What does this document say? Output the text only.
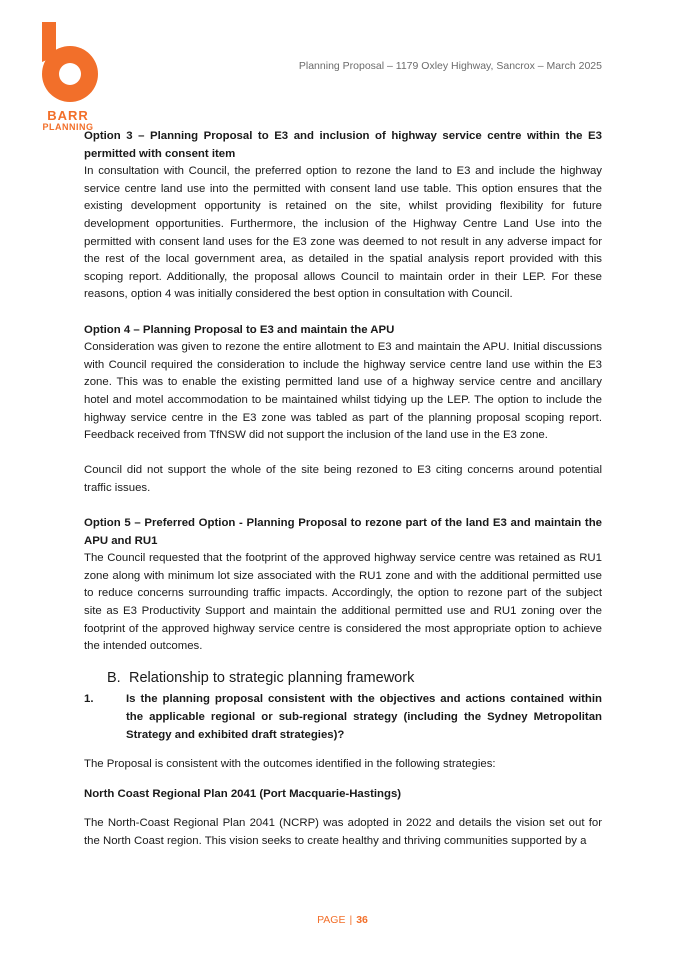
BARR
PLANNING
Planning Proposal – 1179 Oxley Highway, Sancrox – March 2025

Option 3 – Planning Proposal to E3 and inclusion of highway service centre within the E3 permitted with consent item

In consultation with Council, the preferred option to rezone the land to E3 and include the highway service centre land use into the permitted with consent land use table. This option ensures that the existing development opportunity is retained on the site, whilst providing flexibility for future development opportunities. Furthermore, the inclusion of the Highway Centre Land Use into the permitted with consent land uses for the E3 zone was deemed to not result in any adverse impact for the rest of the local government area, as detailed in the spatial analysis report provided with this scoping report. Additionally, the proposal allows Council to maintain order in their LEP. For these reasons, option 4 was initially considered the best option in consultation with Council.

Option 4 – Planning Proposal to E3 and maintain the APU

Consideration was given to rezone the entire allotment to E3 and maintain the APU. Initial discussions with Council required the consideration to include the highway service centre land use within the E3 zone. This was to enable the existing permitted land use of a highway service centre and ancillary hotel and motel accommodation to be maintained whilst tidying up the LEP. The option to include the highway service centre in the E3 zone was tabled as part of the planning proposal scoping report. Feedback received from TfNSW did not support the inclusion of the land use in the E3 zone.

Council did not support the whole of the site being rezoned to E3 citing concerns around potential traffic issues.

Option 5 – Preferred Option - Planning Proposal to rezone part of the land E3 and maintain the APU and RU1

The Council requested that the footprint of the approved highway service centre was retained as RU1 zone along with minimum lot size associated with the RU1 zone and with the additional permitted use to reduce concerns surrounding traffic impacts. Accordingly, the option to rezone part of the subject site as E3 Productivity Support and maintain the additional permitted use and RU1 zoning over the footprint of the approved highway service centre is considered the most appropriate option to achieve the intended outcomes.

B. Relationship to strategic planning framework
1.	Is the planning proposal consistent with the objectives and actions contained within the applicable regional or sub-regional strategy (including the Sydney Metropolitan Strategy and exhibited draft strategies)?

The Proposal is consistent with the outcomes identified in the following strategies:

North Coast Regional Plan 2041 (Port Macquarie-Hastings)

The North-Coast Regional Plan 2041 (NCRP) was adopted in 2022 and details the vision set out for the North Coast region. This vision seeks to create healthy and thriving communities supported by a

PAGE | 36
